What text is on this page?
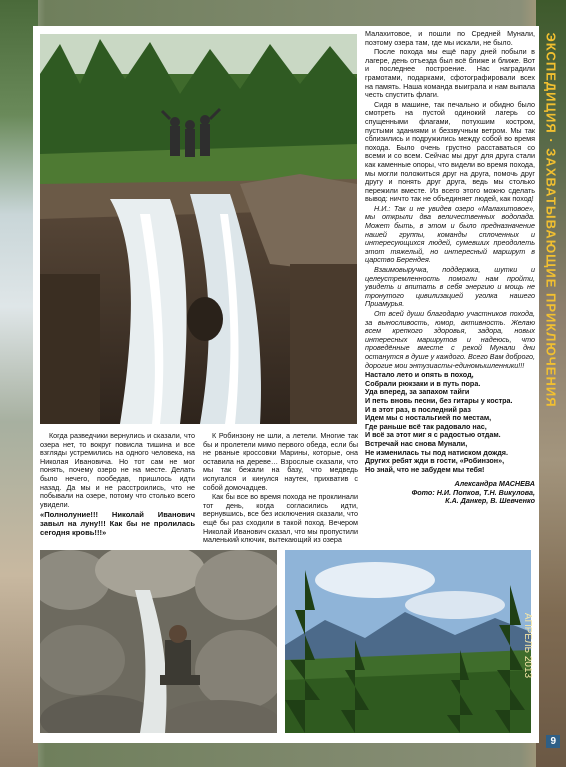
ЭКСПЕДИЦИЯ · ЗАХВАТЫВАЮЩИЕ ПРИКЛЮЧЕНИЯ

Малахитовое, и пошли по Средней Мунали, поэтому озера там, где мы искали, не было.

После похода мы ещё пару дней побыли в лагере, день отъезда был всё ближе и ближе. Вот и последнее построение. Нас наградили грамотами, подарками, сфотографировали всех на память. Наша команда выиграла и нам выпала честь спустить флаги.

Сидя в машине, так печально и обидно было смотреть на пустой одинокий лагерь со спущенными флагами, потухшим костром, пустыми зданиями и беззвучным ветром. Мы так сблизились и подружились между собой во время похода. Было очень грустно расставаться со всеми и со всем. Сейчас мы друг для друга стали как каменные опоры, что видели во время похода, мы могли положиться друг на друга, помочь друг другу и понять друг друга, ведь мы столько пережили вместе. Из всего этого можно сделать вывод: ничто так не объединяет людей, как поход!

Н.И.: Так и не увидев озеро «Малахитовое», мы открыли два величественных водопада. Может быть, в этом и было предназначение нашей группы, команды сплоченных и интересующихся людей, сумевших преодолеть этот тяжелый, но интересный маршрут в царство Берендея.

Взаимовыручка, поддержка, шутки и целеустремленность помогли нам пройти, увидеть и впитать в себя энергию и мощь не тронутого цивилизацией уголка нашего Приамурья.

От всей души благодарю участников похода, за выносливость, юмор, активность. Желаю всем крепкого здоровья, задора, новых интересных маршрутов и надеюсь, что проведённые вместе с рекой Мунали дни останутся в душе у каждого. Всего Вам доброго, дорогие мои энтузиасты-единомышленники!!!

Настало лето и опять в поход,
Собрали рюкзаки и в путь пора.
Уда вперед, за запахом тайги
И петь вновь песни, без гитары у костра.
И в этот раз, в последний раз
Идем мы с ностальгией по местам,
Где раньше всё так радовало нас,
И всё за этот миг я с радостью отдам.
Встречай нас снова Мунали,
Не изменилась ты под натиском дождя.
Других ребят жди в гости, «Робинзон»,
Но знай, что не забудем мы тебя!
Александра МАСНЕВА
Фото: Н.И. Попков, Т.Н. Викулова,
К.А. Данкер, В. Шевченко

Когда разведчики вернулись и сказали, что озера нет, то вокруг повисла тишина и все взгляды устремились на одного человека, на Николая Ивановича. Но тот сам не мог понять, почему озеро не на месте. Делать было нечего, пообедав, пришлось идти назад. Да мы и не расстроились, что не побывали на озере, потому что столько всего увидели.

«Полнолуние!!! Николай Иванович завыл на луну!!! Как бы не пролилась сегодня кровь!!!»

К Робинзону не шли, а летели. Многие так бы и пролетели мимо первого обеда, если бы не рваные кроссовки Марины, которые, она оставила на дереве… Взрослые сказали, что мы так бежали на базу, что медведь испугался и кинулся наутек, прихватив с собой домочадцев.

Как бы все во время похода не проклинали тот день, когда согласились идти, вернувшись, все без исключения сказали, что ещё бы раз сходили в такой поход. Вечером Николай Иванович сказал, что мы пропустили маленький ключик, вытекающий из озера

АПРЕЛЬ 2013
9
